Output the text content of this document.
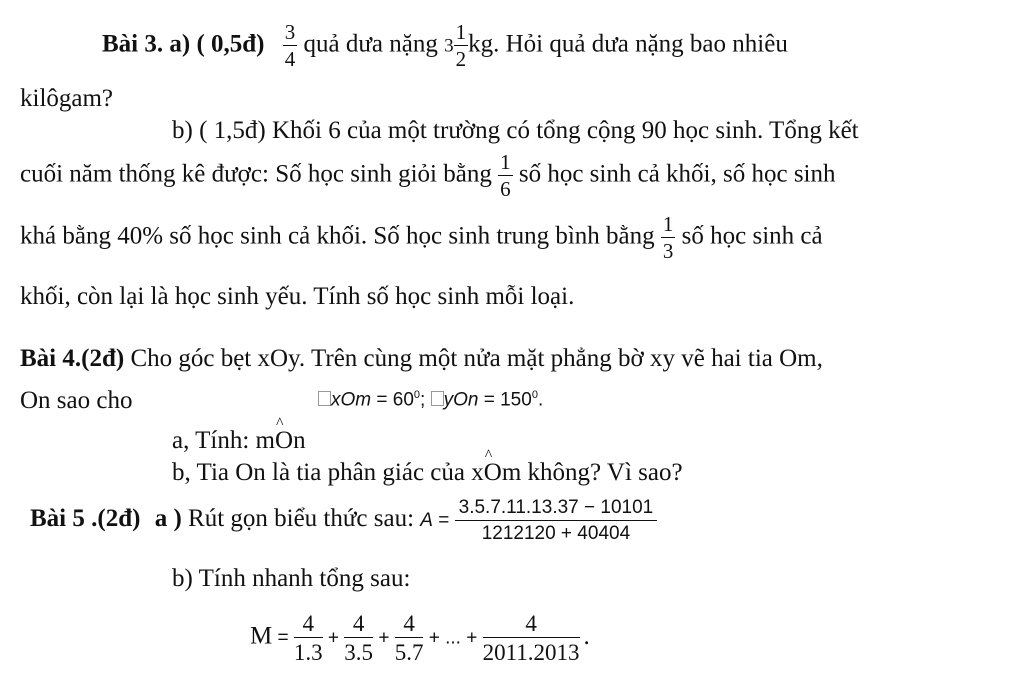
Bài 3. a) ( 0,5đ) $\frac{3}{4}$ quả dưa nặng $3 \frac{1}{2}$ kg. Hỏi quả dưa nặng bao nhiêu
kilôgam?
b) ( 1,5đ) Khối 6 của một trường có tổng cộng 90 học sinh. Tổng kết
cuối năm thống kê được: Số học sinh giỏi bằng $\frac{1}{6}$ số học sinh cả khối, số học sinh
khá bằng 40% số học sinh cả khối. Số học sinh trung bình bằng $\frac{1}{3}$ số học sinh cả
khối, còn lại là học sinh yếu. Tính số học sinh mỗi loại.
Bài 4.(2đ) Cho góc bẹt xOy. Trên cùng một nửa mặt phẳng bờ xy vẽ hai tia Om,
On sao cho	xOm = $60^0$; yOn = $150^0$.
a, Tính: m^ On
b, Tia On là tia phân giác của x^ Om không? Vì sao?
Bài 5 .(2đ) a ) Rút gọn biểu thức sau: $A = \frac{3.5.7.11.13.37 - 10101}{1212120 + 40404}$
b) Tính nhanh tổng sau:
$M = \frac{4}{1.3} + \frac{4}{3.5} + \frac{4}{5.7}$ + ... + $\frac{4}{2011.2013}$ .
